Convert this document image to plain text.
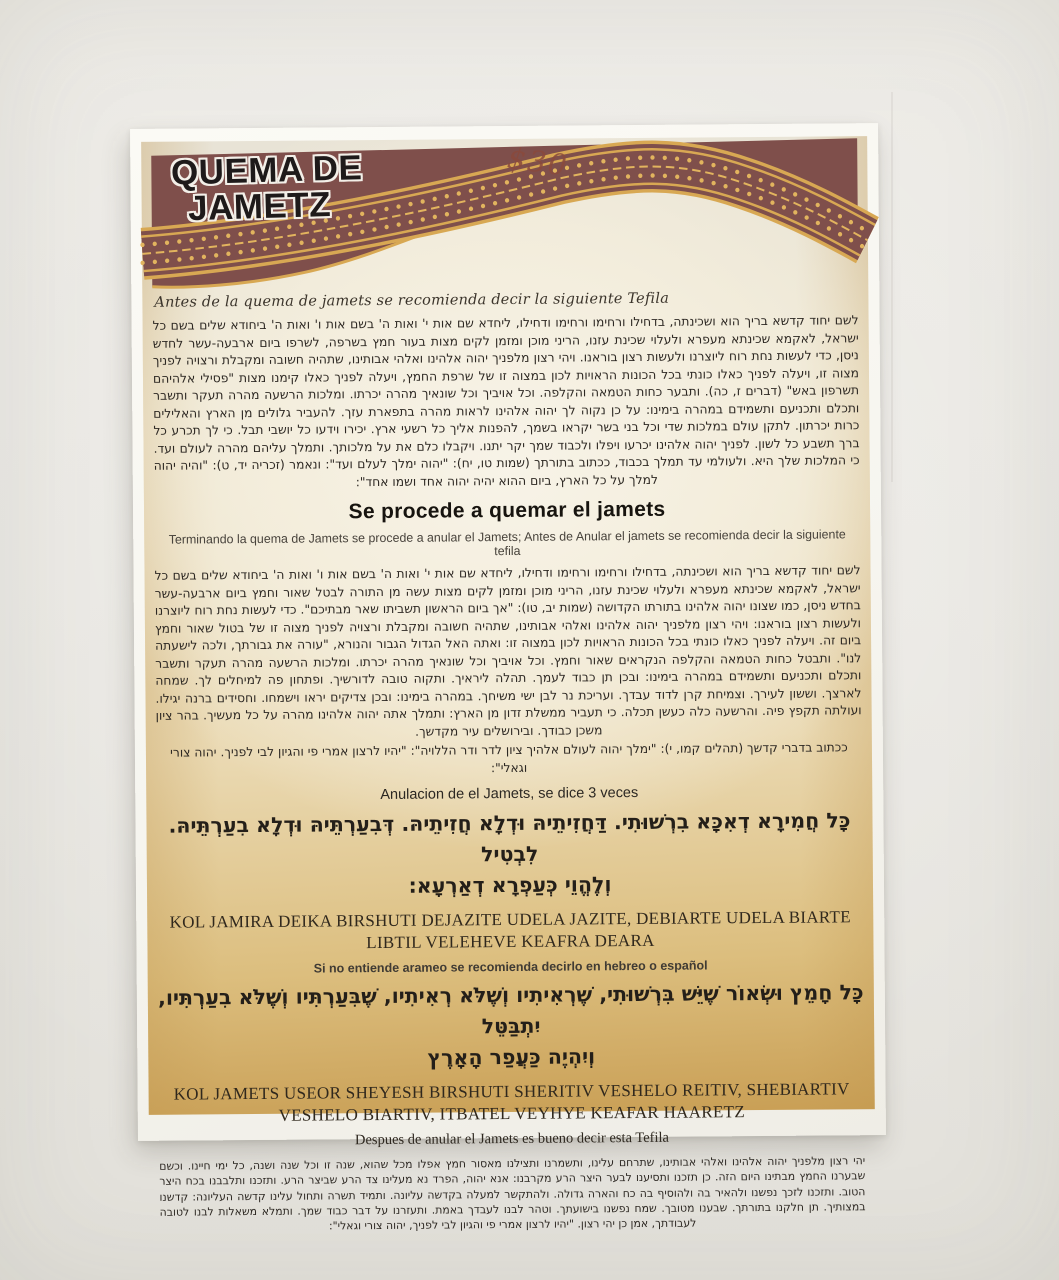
QUEMA DE
JAMETZ
$30
Antes de la quema de jamets se recomienda decir la siguiente Tefila
לשם יחוד קדשא בריך הוא ושכינתה, בדחילו ורחימו ורחימו ודחילו, ליחדא שם אות י' ואות ה' בשם אות ו' ואות ה' ביחודא שלים בשם כל ישראל, לאקמא שכינתא מעפרא ולעלוי שכינת עזנו, הריני מוכן ומזמן לקים מצות בעור חמץ בשרפה, לשרפו ביום ארבעה-עשר לחדש ניסן, כדי לעשות נחת רוח ליוצרנו ולעשות רצון בוראנו. ויהי רצון מלפניך יהוה אלהינו ואלהי אבותינו, שתהיה חשובה ומקבלת ורצויה לפניך מצוה זו, ויעלה לפניך כאלו כונתי בכל הכונות הראויות לכון במצוה זו של שרפת החמץ, ויעלה לפניך כאלו קימנו מצות "פסילי אלהיהם תשרפון באש" (דברים ז, כה). ותבער כחות הטמאה והקלפה. וכל אויביך וכל שונאיך מהרה יכרתו. ומלכות הרשעה מהרה תעקר ותשבר ותכלם ותכניעם ותשמידם במהרה בימינו: על כן נקוה לך יהוה אלהינו לראות מהרה בתפארת עזך. להעביר גלולים מן הארץ והאלילים כרות יכרתון. לתקן עולם במלכות שדי וכל בני בשר יקראו בשמך, להפנות אליך כל רשעי ארץ. יכירו וידעו כל יושבי תבל. כי לך תכרע כל ברך תשבע כל לשון. לפניך יהוה אלהינו יכרעו ויפלו ולכבוד שמך יקר יתנו. ויקבלו כלם את על מלכותך. ותמלך עליהם מהרה לעולם ועד. כי המלכות שלך היא. ולעולמי עד תמלך בכבוד, ככתוב בתורתך (שמות טו, יח): "יהוה ימלך לעלם ועד": ונאמר (זכריה יד, ט): "והיה יהוה למלך על כל הארץ, ביום ההוא יהיה יהוה אחד ושמו אחד":
Se procede a quemar el jamets
Terminando la quema de Jamets se procede a anular el Jamets; Antes de Anular el jamets se recomienda decir la siguiente tefila
לשם יחוד קדשא בריך הוא ושכינתה, בדחילו ורחימו ורחימו ודחילו, ליחדא שם אות י' ואות ה' בשם אות ו' ואות ה' ביחודא שלים בשם כל ישראל, לאקמא שכינתא מעפרא ולעלוי שכינת עזנו, הריני מוכן ומזמן לקים מצות עשה מן התורה לבטל שאור וחמץ ביום ארבעה-עשר בחדש ניסן, כמו שצונו יהוה אלהינו בתורתו הקדושה (שמות יב, טו): "אך ביום הראשון תשביתו שאר מבתיכם". כדי לעשות נחת רוח ליוצרנו ולעשות רצון בוראנו: ויהי רצון מלפניך יהוה אלהינו ואלהי אבותינו, שתהיה חשובה ומקבלת ורצויה לפניך מצוה זו של בטול שאור וחמץ ביום זה. ויעלה לפניך כאלו כונתי בכל הכונות הראויות לכון במצוה זו: ואתה האל הגדול הגבור והנורא, "עורה את גבורתך, ולכה לישעתה לנו". ותבטל כחות הטמאה והקלפה הנקראים שאור וחמץ. וכל אויביך וכל שונאיך מהרה יכרתו. ומלכות הרשעה מהרה תעקר ותשבר ותכלם ותכניעם ותשמידם במהרה בימינו: ובכן תן כבוד לעמך. תהלה ליראיך. ותקוה טובה לדורשיך. ופתחון פה למיחלים לך. שמחה לארצך. וששון לעירך. וצמיחת קרן לדוד עבדך. ועריכת נר לבן ישי משיחך. במהרה בימינו: ובכן צדיקים יראו וישמחו. וחסידים ברנה יגילו. ועולתה תקפץ פיה. והרשעה כלה כעשן תכלה. כי תעביר ממשלת זדון מן הארץ: ותמלך אתה יהוה אלהינו מהרה על כל מעשיך. בהר ציון משכן כבודך. ובירושלים עיר מקדשך.
ככתוב בדברי קדשך (תהלים קמו, י): "ימלך יהוה לעולם אלהיך ציון לדר ודר הללויה": "יהיו לרצון אמרי פי והגיון לבי לפניך. יהוה צורי וגאלי":
Anulacion de el Jamets, se dice 3 veces
כָּל חֲמִירָא דְאִכָּא בִרְשׁוּתִי. דַּחֲזִיתֵיהּ וּדְלָא חֲזִיתֵיהּ. דְּבִעַרְתֵּיהּ וּדְלָא בִעַרְתֵּיהּ. לִבְטִיל
וְלֶהֱוֵי כְּעַפְרָא דְאַרְעָא:
KOL JAMIRA DEIKA BIRSHUTI DEJAZITE UDELA JAZITE, DEBIARTE UDELA BIARTE
LIBTIL VELEHEVE KEAFRA DEARA
Si no entiende arameo se recomienda decirlo en hebreo o español
כָּל חָמֵץ וּשְׂאוֹר שֶׁיֵּשׁ בִּרְשׁוּתִי, שֶׁרְאִיתִיו וְשֶׁלֹּא רְאִיתִיו, שֶׁבִּעַרְתִּיו וְשֶׁלֹּא בִעַרְתִּיו, יִתְבַּטֵּל
וְיִהְיֶה כַּעֲפַר הָאָרֶץ
KOL JAMETS USEOR SHEYESH BIRSHUTI SHERITIV VESHELO REITIV, SHEBIARTIV
VESHELO BIARTIV, ITBATEL VEYHYE KEAFAR HAARETZ
Despues de anular el Jamets es bueno decir esta Tefila
יהי רצון מלפניך יהוה אלהינו ואלהי אבותינו, שתרחם עלינו, ותשמרנו ותצילנו מאסור חמץ אפלו מכל שהוא, שנה זו וכל שנה ושנה, כל ימי חיינו. וכשם שבערנו החמץ מבתינו היום הזה. כן תזכנו ותסיענו לבער היצר הרע מקרבנו: אנא יהוה, הפרד נא מעלינו צד הרע שביצר הרע. ותזכנו ותלבבנו בכח היצר הטוב. ותזכנו לזכך נפשנו ולהאיר בה ולהוסיף בה כח והארה גדולה. ולהתקשר למעלה בקדשה עליונה. ותמיד תשרה ותחול עלינו קדשה העליונה: קדשנו במצותיך. תן חלקנו בתורתך. שבענו מטובך. שמח נפשנו בישועתך. וטהר לבנו לעבדך באמת. ותעזרנו על דבר כבוד שמך. ותמלא משאלות לבנו לטובה לעבודתך, אמן כן יהי רצון. "יהיו לרצון אמרי פי והגיון לבי לפניך, יהוה צורי וגאלי":
